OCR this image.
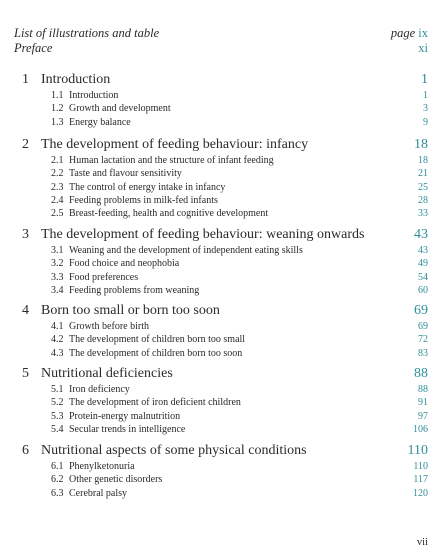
List of illustrations and table	page ix
Preface	xi
1 Introduction	1
1.1 Introduction	1
1.2 Growth and development	3
1.3 Energy balance	9
2 The development of feeding behaviour: infancy	18
2.1 Human lactation and the structure of infant feeding	18
2.2 Taste and flavour sensitivity	21
2.3 The control of energy intake in infancy	25
2.4 Feeding problems in milk-fed infants	28
2.5 Breast-feeding, health and cognitive development	33
3 The development of feeding behaviour: weaning onwards	43
3.1 Weaning and the development of independent eating skills	43
3.2 Food choice and neophobia	49
3.3 Food preferences	54
3.4 Feeding problems from weaning	60
4 Born too small or born too soon	69
4.1 Growth before birth	69
4.2 The development of children born too small	72
4.3 The development of children born too soon	83
5 Nutritional deficiencies	88
5.1 Iron deficiency	88
5.2 The development of iron deficient children	91
5.3 Protein-energy malnutrition	97
5.4 Secular trends in intelligence	106
6 Nutritional aspects of some physical conditions	110
6.1 Phenylketonuria	110
6.2 Other genetic disorders	117
6.3 Cerebral palsy	120
vii
